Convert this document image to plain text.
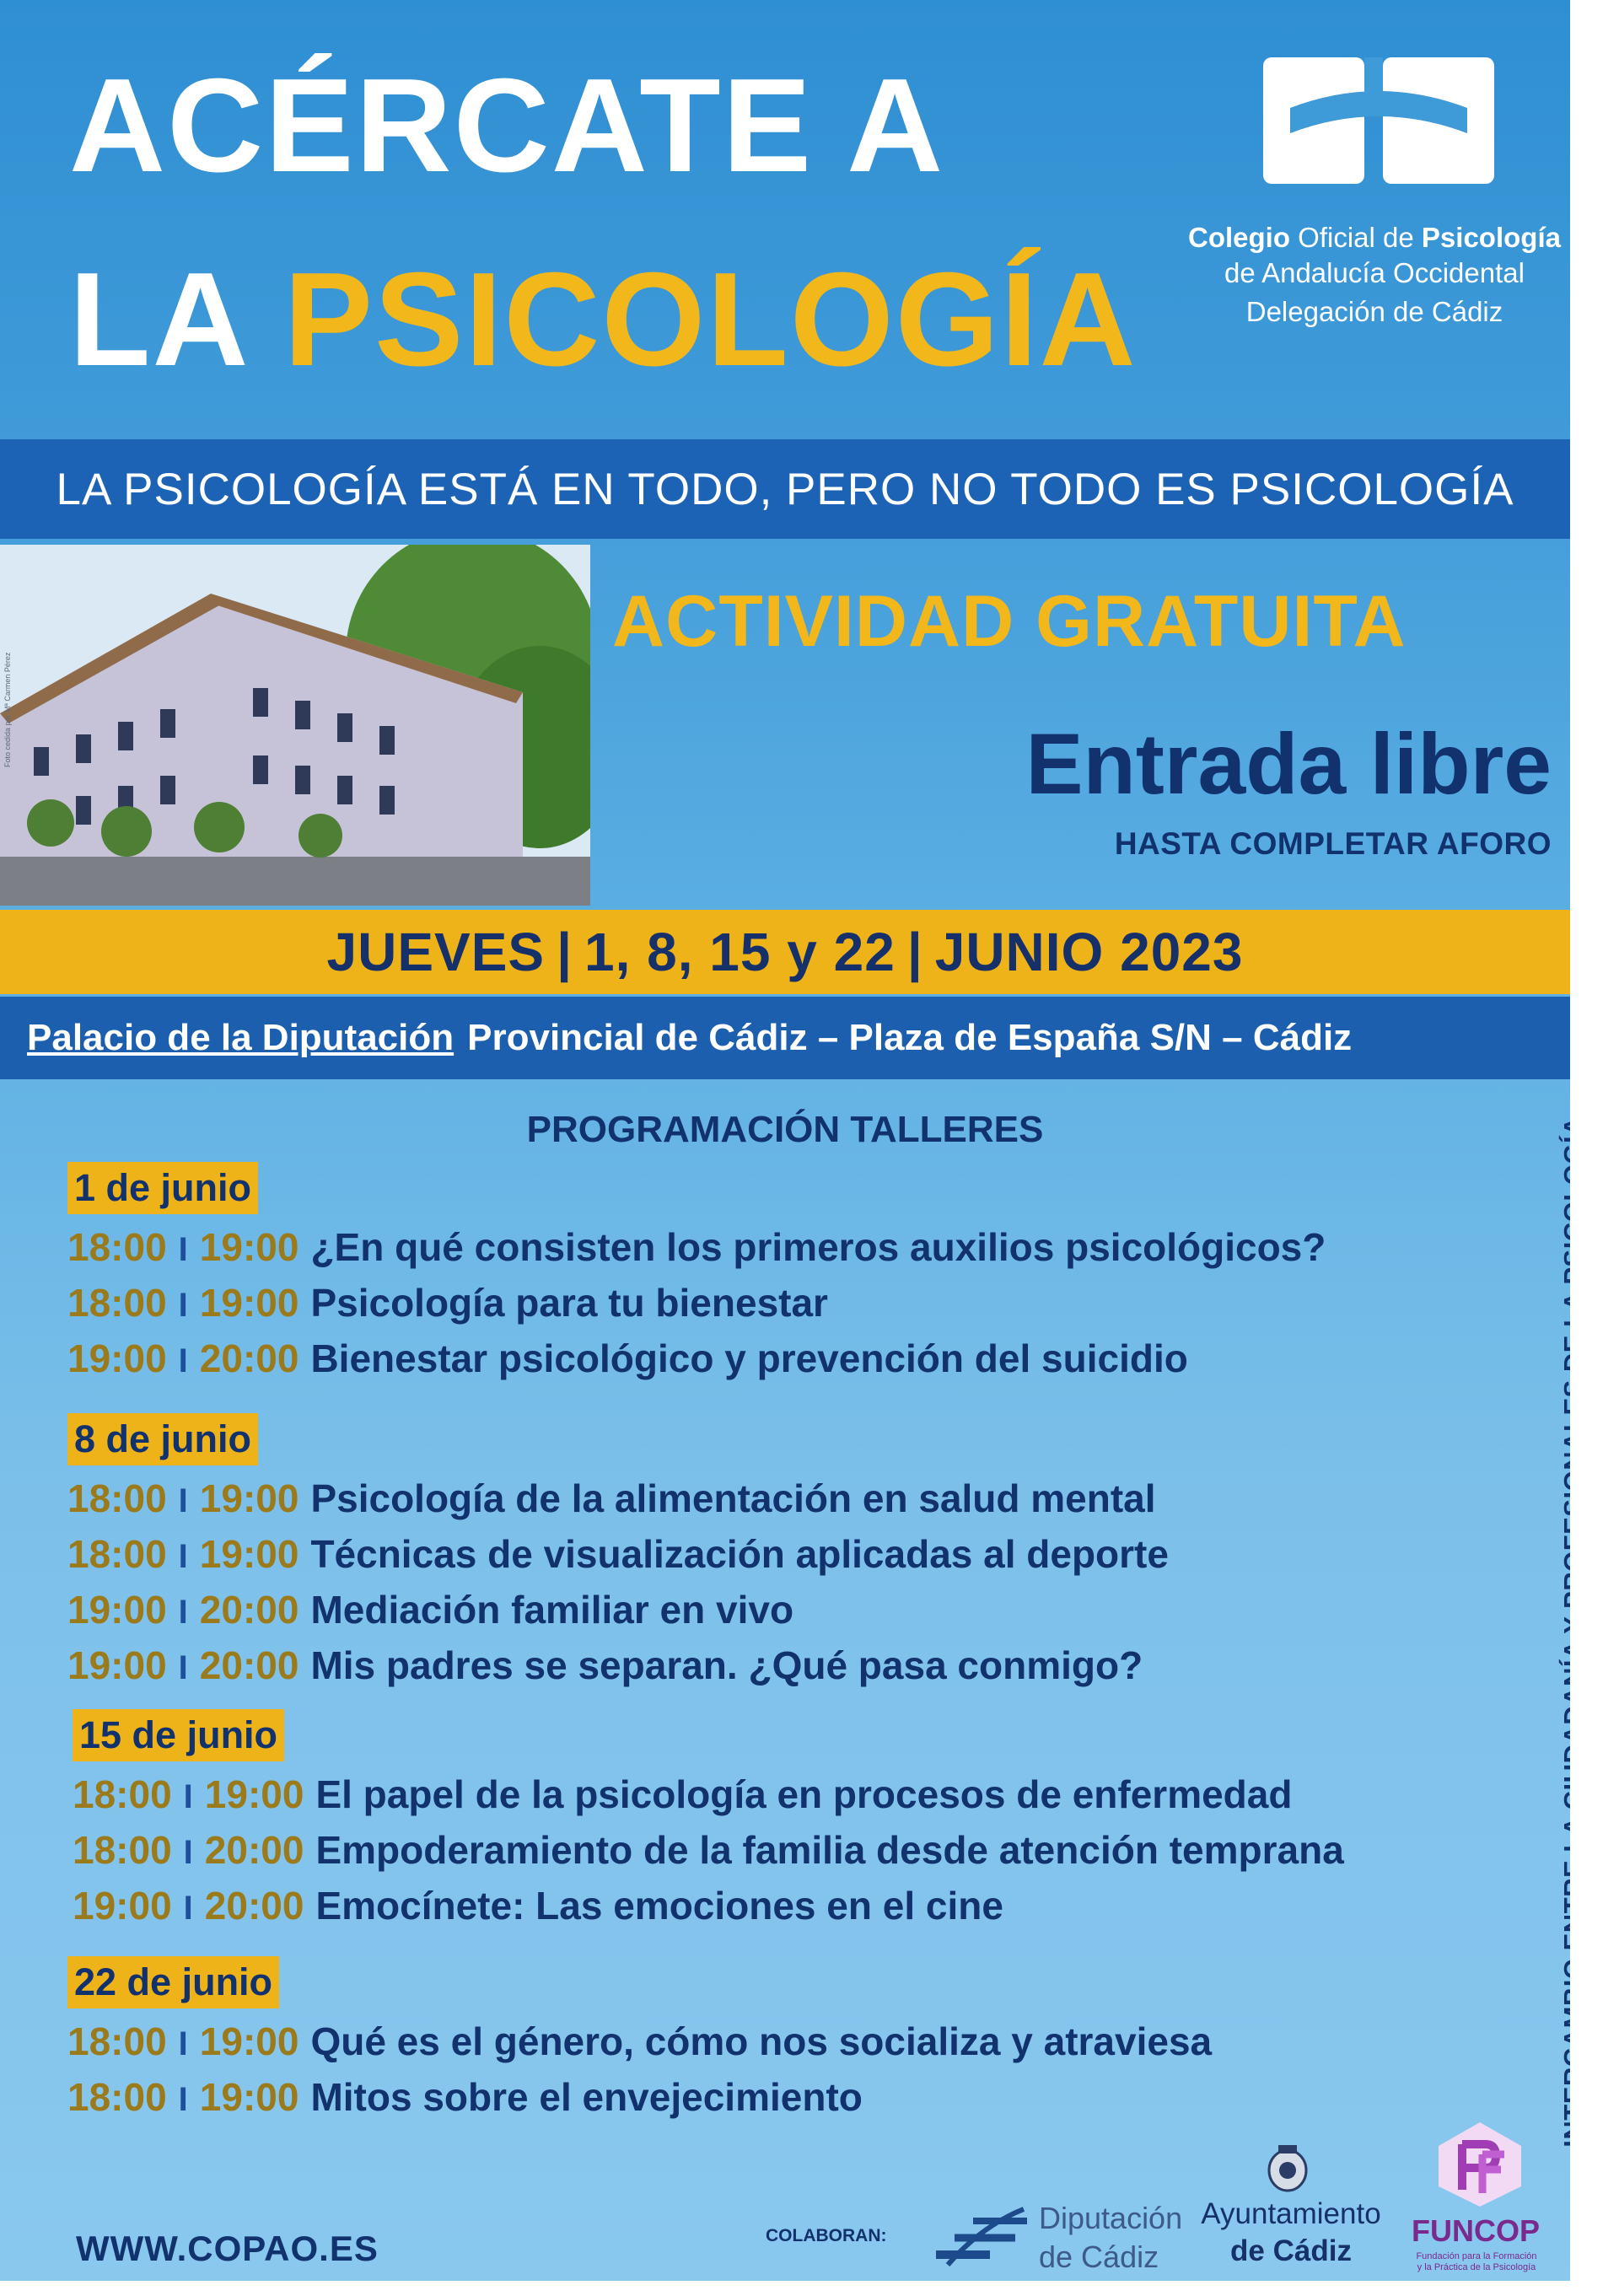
ACÉRCATE A
LA PSICOLOGÍA
Colegio Oficial de Psicología
de Andalucía Occidental
Delegación de Cádiz
LA PSICOLOGÍA ESTÁ EN TODO, PERO NO TODO ES PSICOLOGÍA
Foto cedida por Mª Carmen Pérez
ACTIVIDAD GRATUITA
Entrada libre
HASTA COMPLETAR AFORO
JUEVES | 1, 8, 15 y 22 | JUNIO 2023
Palacio de la Diputación Provincial de Cádiz – Plaza de España S/N – Cádiz
PROGRAMACIÓN TALLERES
1 de junio
18:00 I 19:00 ¿En qué consisten los primeros auxilios psicológicos?
18:00 I 19:00 Psicología para tu bienestar
19:00 I 20:00 Bienestar psicológico y prevención del suicidio
8 de junio
18:00 I 19:00 Psicología de la alimentación en salud mental
18:00 I 19:00 Técnicas de visualización aplicadas al deporte
19:00 I 20:00 Mediación familiar en vivo
19:00 I 20:00 Mis padres se separan. ¿Qué pasa conmigo?
15 de junio
18:00 I 19:00 El papel de la psicología en procesos de enfermedad
18:00 I 20:00 Empoderamiento de la familia desde atención temprana
19:00 I 20:00 Emocínete: Las emociones en el cine
22 de junio
18:00 I 19:00 Qué es el género, cómo nos socializa y atraviesa
18:00 I 19:00 Mitos sobre el envejecimiento
WWW.COPAO.ES	COLABORAN:
Diputación
de Cádiz
Ayuntamiento
de Cádiz
FUNCOP
Fundación para la Formación
y la Práctica de la Psicología
